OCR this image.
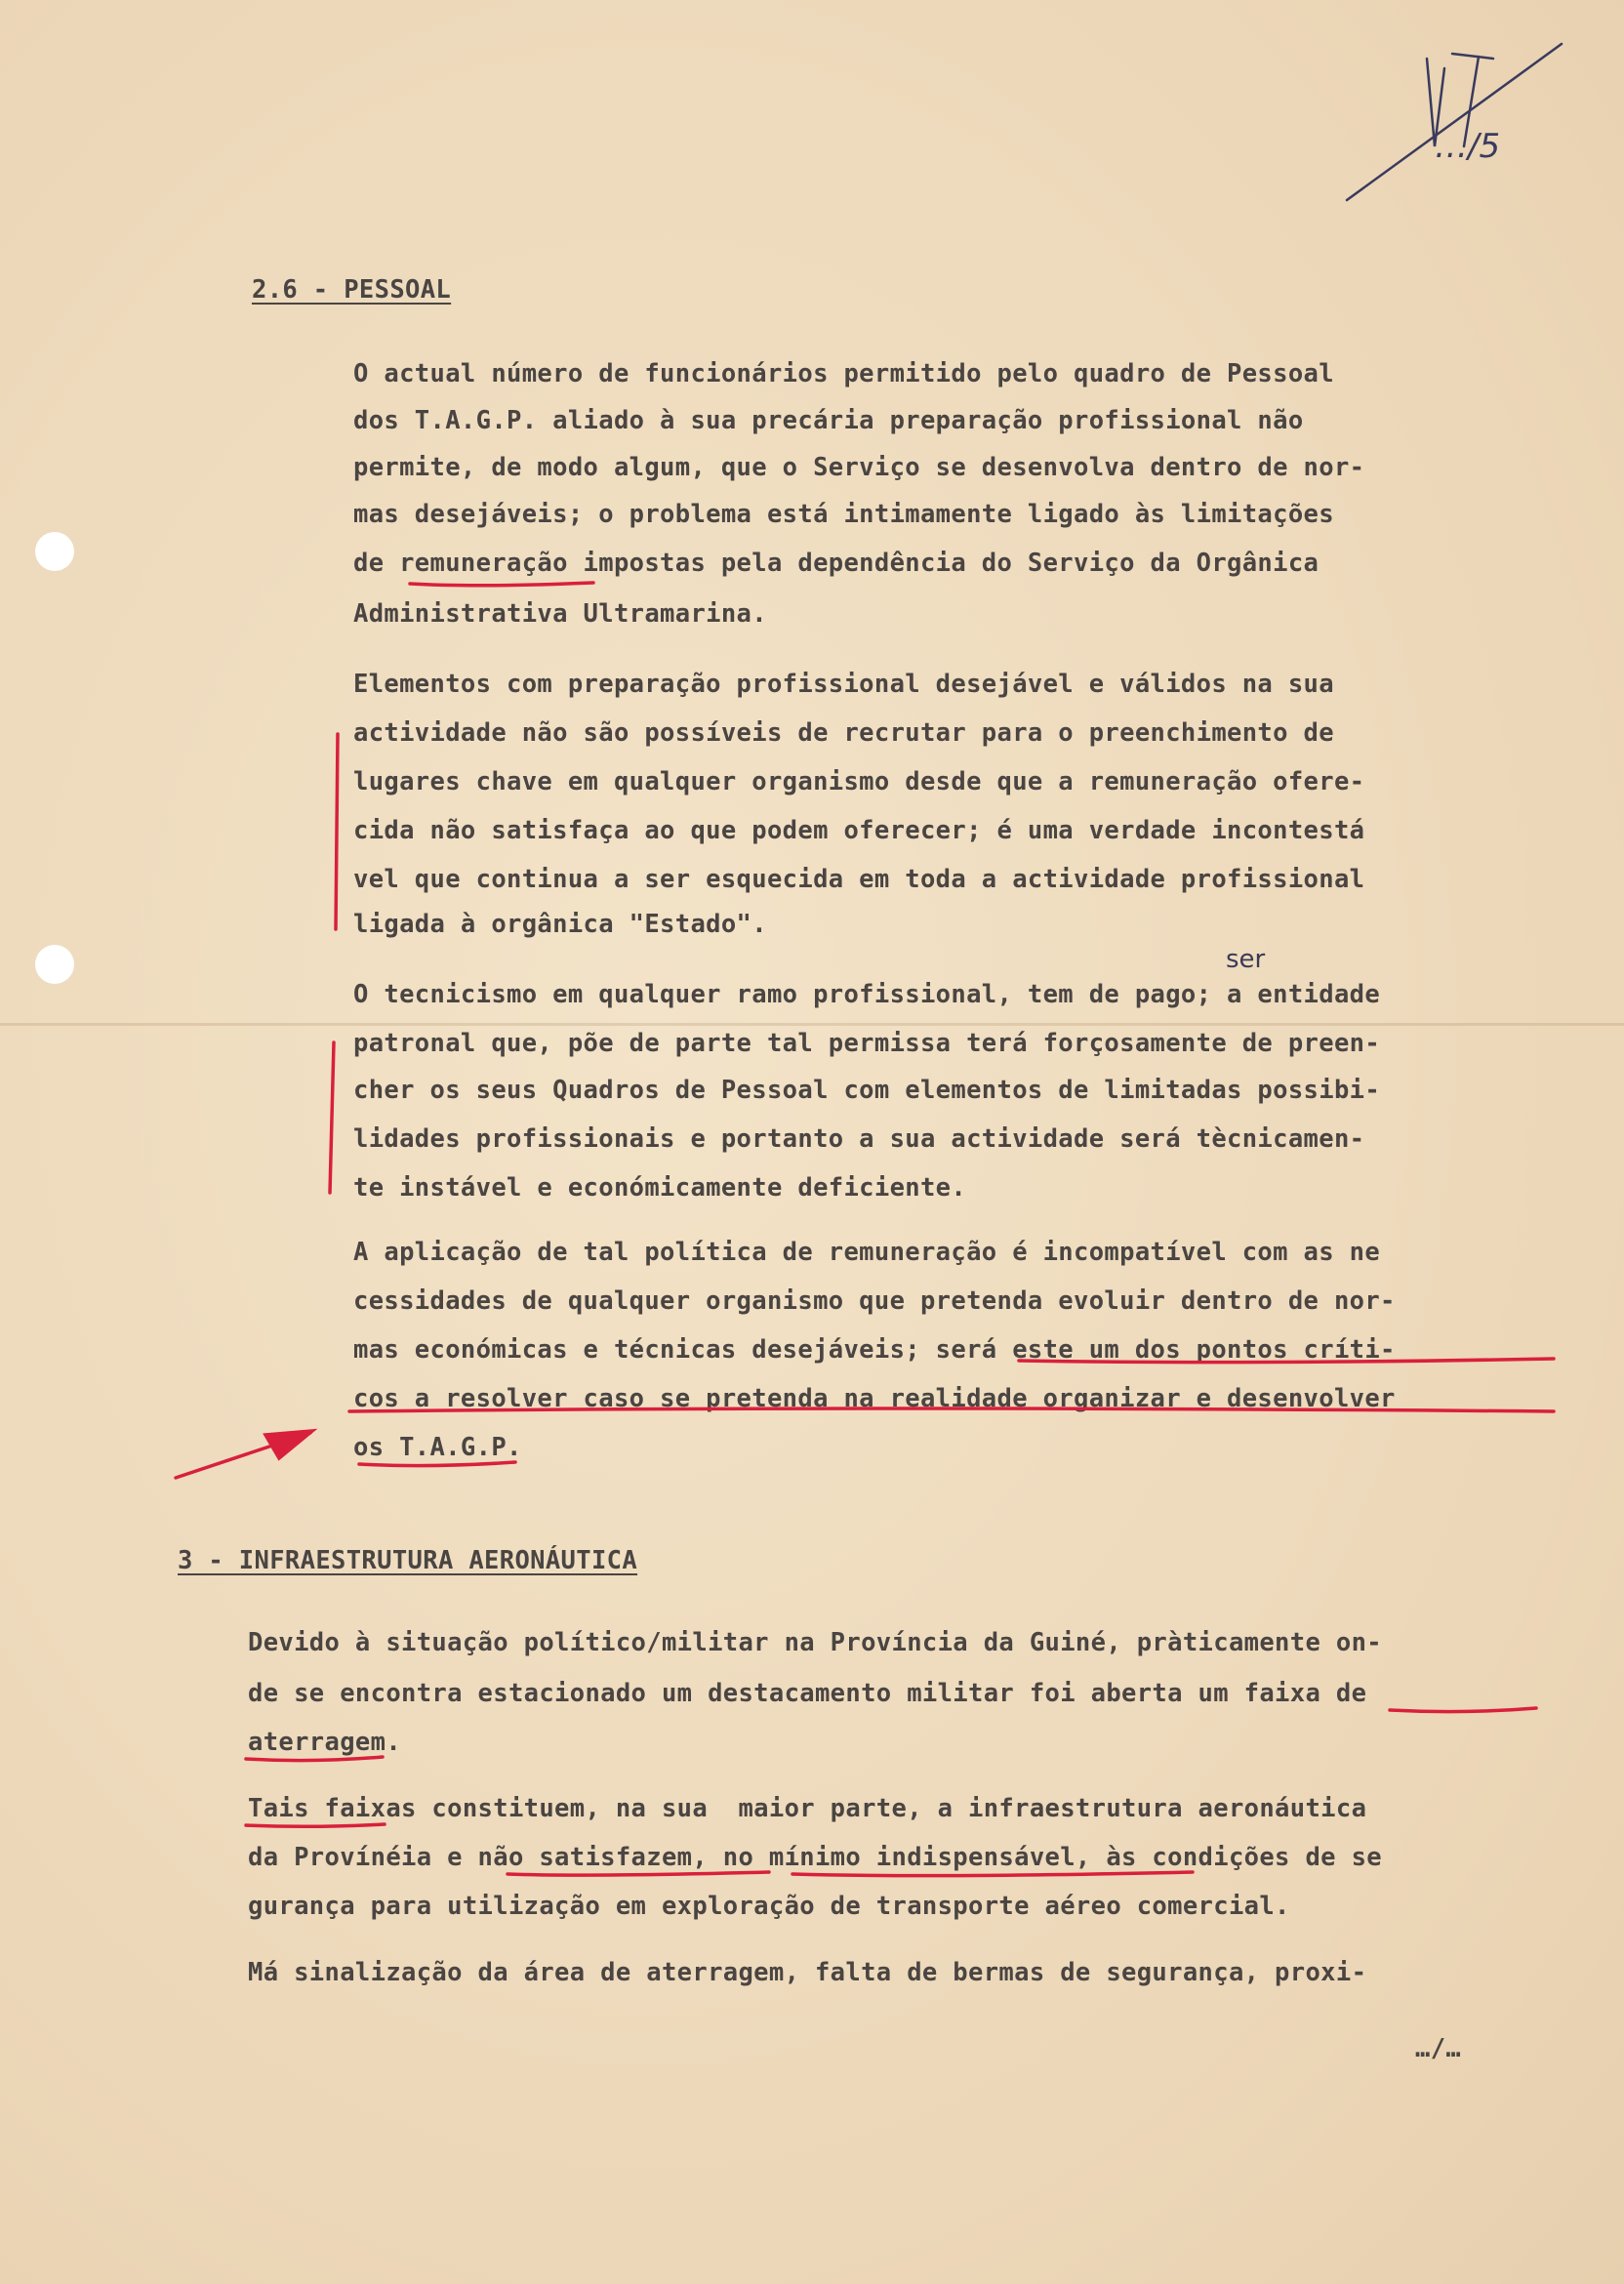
…/5
2.6 - PESSOAL
O actual número de funcionários permitido pelo quadro de Pessoal
dos T.A.G.P. aliado à sua precária preparação profissional não
permite, de modo algum, que o Serviço se desenvolva dentro de nor-
mas desejáveis; o problema está intimamente ligado às limitações
de remuneração impostas pela dependência do Serviço da Orgânica
Administrativa Ultramarina.
Elementos com preparação profissional desejável e válidos na sua
actividade não são possíveis de recrutar para o preenchimento de
lugares chave em qualquer organismo desde que a remuneração ofere-
cida não satisfaça ao que podem oferecer; é uma verdade incontestá
vel que continua a ser esquecida em toda a actividade profissional
ligada à orgânica "Estado".
ser
O tecnicismo em qualquer ramo profissional, tem de pago; a entidade
patronal que, põe de parte tal permissa terá forçosamente de preen-
cher os seus Quadros de Pessoal com elementos de limitadas possibi-
lidades profissionais e portanto a sua actividade será tècnicamen-
te instável e económicamente deficiente.
A aplicação de tal política de remuneração é incompatível com as ne
cessidades de qualquer organismo que pretenda evoluir dentro de nor-
mas económicas e técnicas desejáveis; será este um dos pontos críti-
cos a resolver caso se pretenda na realidade organizar e desenvolver
os T.A.G.P.
3 - INFRAESTRUTURA AERONÁUTICA
Devido à situação político/militar na Província da Guiné, pràticamente on-
de se encontra estacionado um destacamento militar foi aberta um faixa de
aterragem.
Tais faixas constituem, na sua  maior parte, a infraestrutura aeronáutica
da Provínéia e não satisfazem, no mínimo indispensável, às condições de se
gurança para utilização em exploração de transporte aéreo comercial.
Má sinalização da área de aterragem, falta de bermas de segurança, proxi-
…/…
